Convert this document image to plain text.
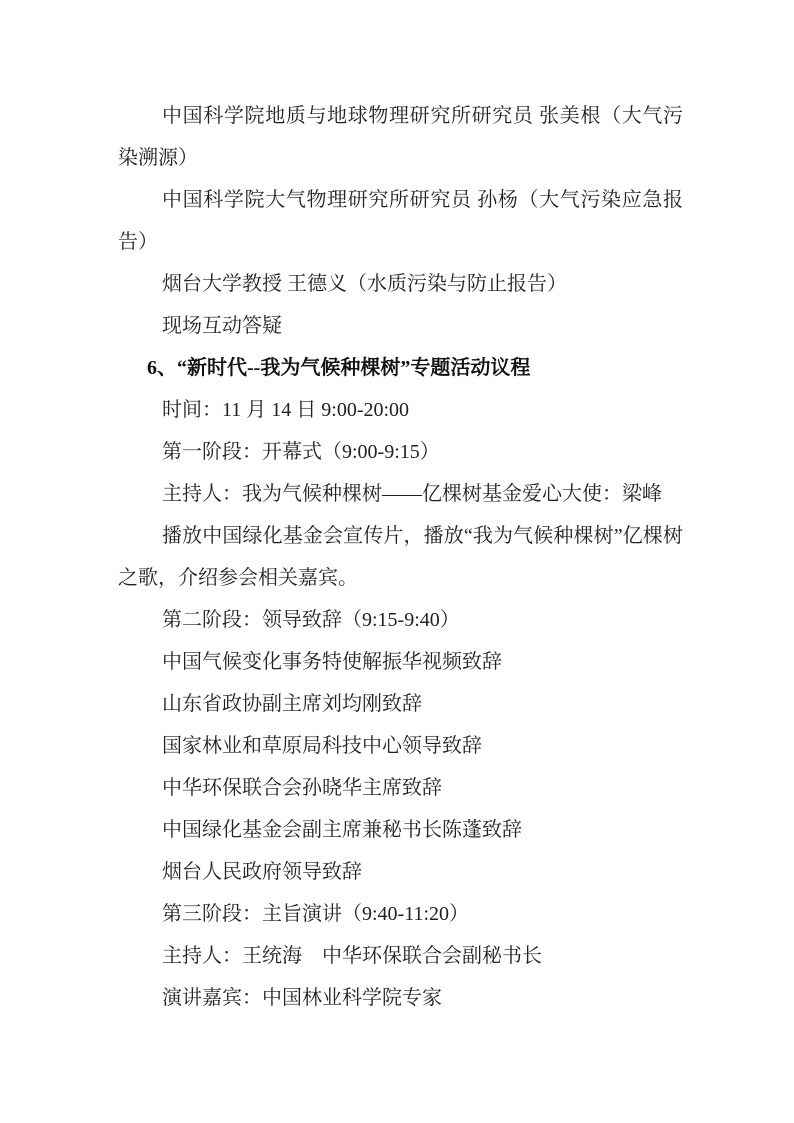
中国科学院地质与地球物理研究所研究员 张美根（大气污染溯源）

中国科学院大气物理研究所研究员 孙杨（大气污染应急报告）

烟台大学教授 王德义（水质污染与防止报告）

现场互动答疑

6、“新时代--我为气候种棵树”专题活动议程

时间：11 月 14 日 9:00-20:00

第一阶段：开幕式（9:00-9:15）

主持人：我为气候种棵树——亿棵树基金爱心大使：梁峰

播放中国绿化基金会宣传片，播放“我为气候种棵树”亿棵树之歌，介绍参会相关嘉宾。

第二阶段：领导致辞（9:15-9:40）

中国气候变化事务特使解振华视频致辞

山东省政协副主席刘均刚致辞

国家林业和草原局科技中心领导致辞

中华环保联合会孙晓华主席致辞

中国绿化基金会副主席兼秘书长陈蓬致辞

烟台人民政府领导致辞

第三阶段：主旨演讲（9:40-11:20）

主持人：王统海　中华环保联合会副秘书长

演讲嘉宾：中国林业科学院专家
